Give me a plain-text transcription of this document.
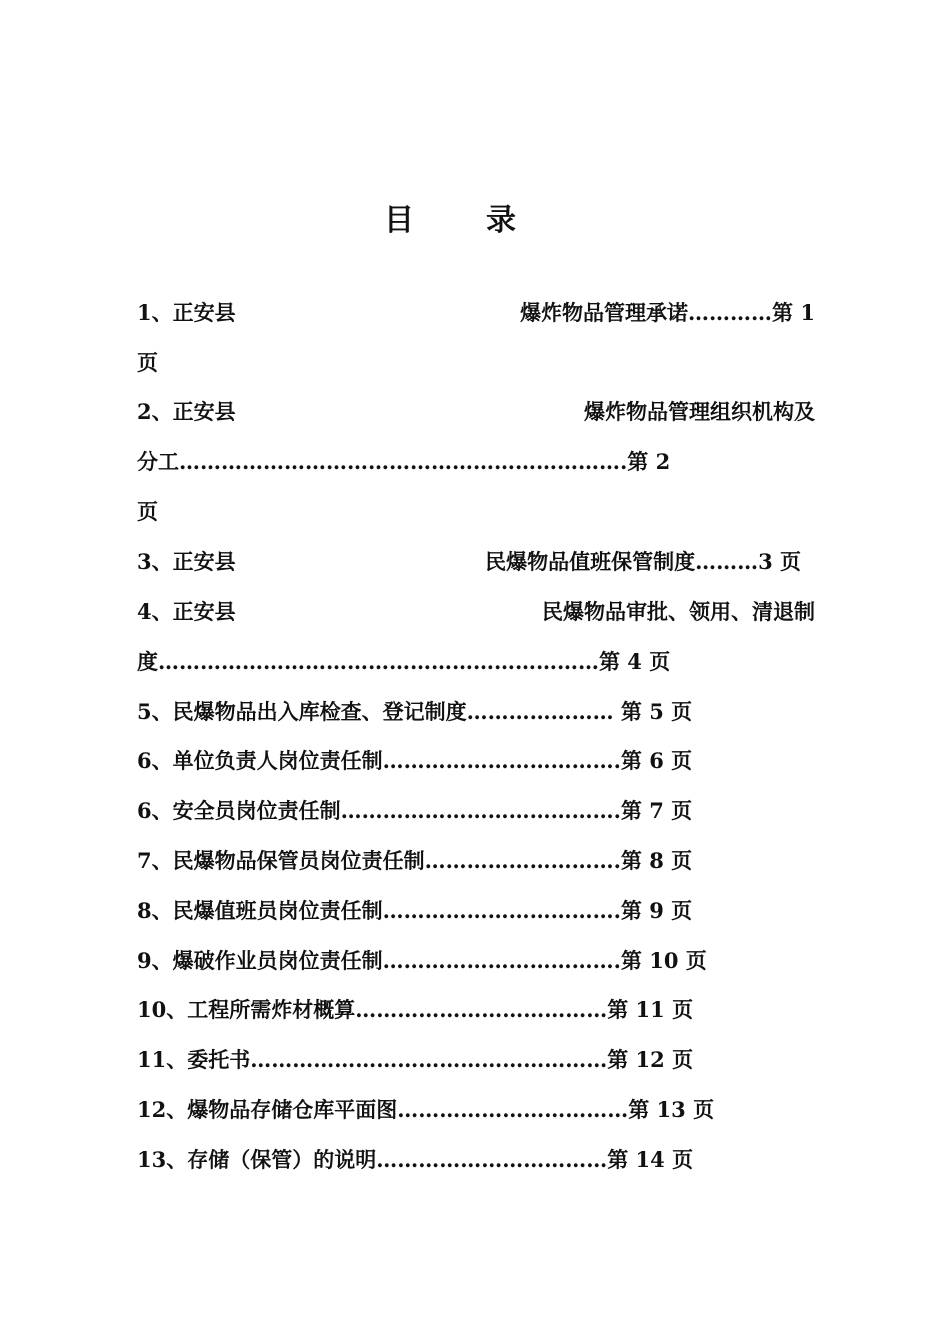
目 录
1、正安县	爆炸物品管理承诺…………第 1
页
2、正安县	爆炸物品管理组织机构及
分工……………………………………………………….第 2
页
3、正安县	民爆物品值班保管制度………3 页
4、正安县	民爆物品审批、领用、清退制
度………………………………………………………第 4 页
5、民爆物品出入库检查、登记制度………………… 第 5 页
6、单位负责人岗位责任制…………………………….第 6 页
6、安全员岗位责任制………………………………….第 7 页
7、民爆物品保管员岗位责任制……………………….第 8 页
8、民爆值班员岗位责任制…………………………….第 9 页
9、爆破作业员岗位责任制…………………………….第 10 页
10、工程所需炸材概算………………………………第 11 页
11、委托书……………………………………………第 12 页
12、爆物品存储仓库平面图……………………………第 13 页
13、存储（保管）的说明……………………………第 14 页
